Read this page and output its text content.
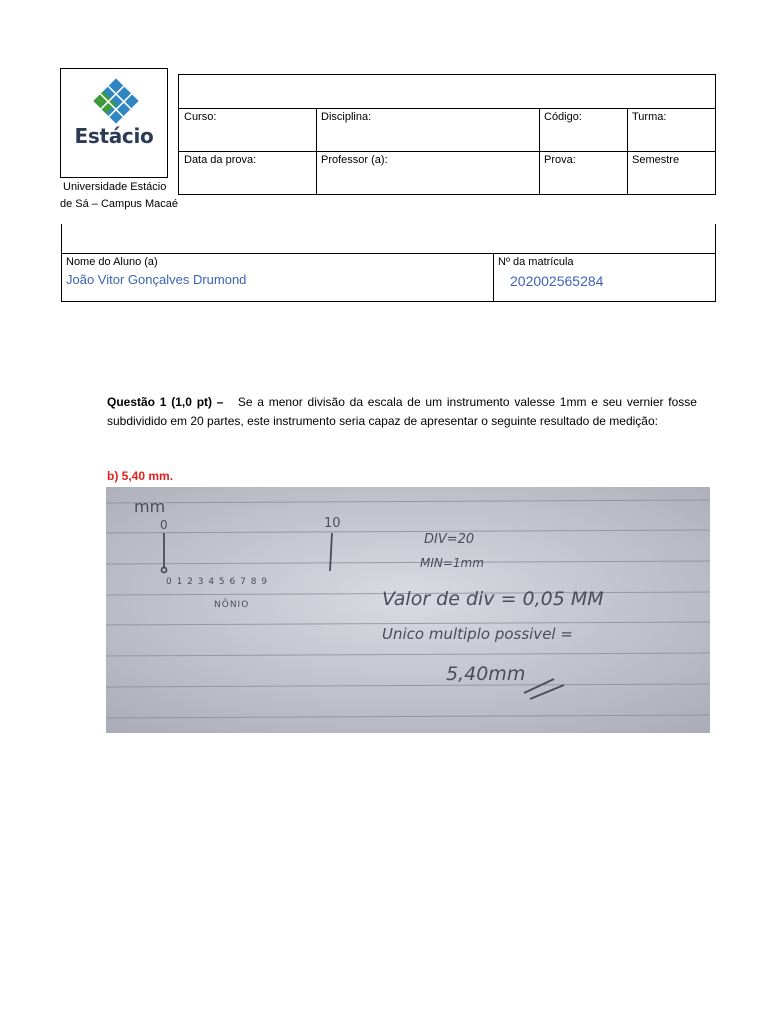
Estácio
Universidade Estácio
de Sá – Campus Macaé
Curso:	Disciplina:	Código:	Turma:
Data da prova:	Professor (a):	Prova:	Semestre
Nome do Aluno (a)
João Vitor Gonçalves Drumond
Nº da matrícula
202002565284
Questão 1 (1,0 pt) – Se a menor divisão da escala de um instrumento valesse 1mm e seu vernier fosse subdividido em 20 partes, este instrumento seria capaz de apresentar o seguinte resultado de medição:
b) 5,40 mm.
mm
0	10
0 1 2 3 4 5 6 7 8 9
NÔNIO
DIV=20
MIN=1mm
Valor de div = 0,05 MM
Unico multiplo possivel =
5,40mm
